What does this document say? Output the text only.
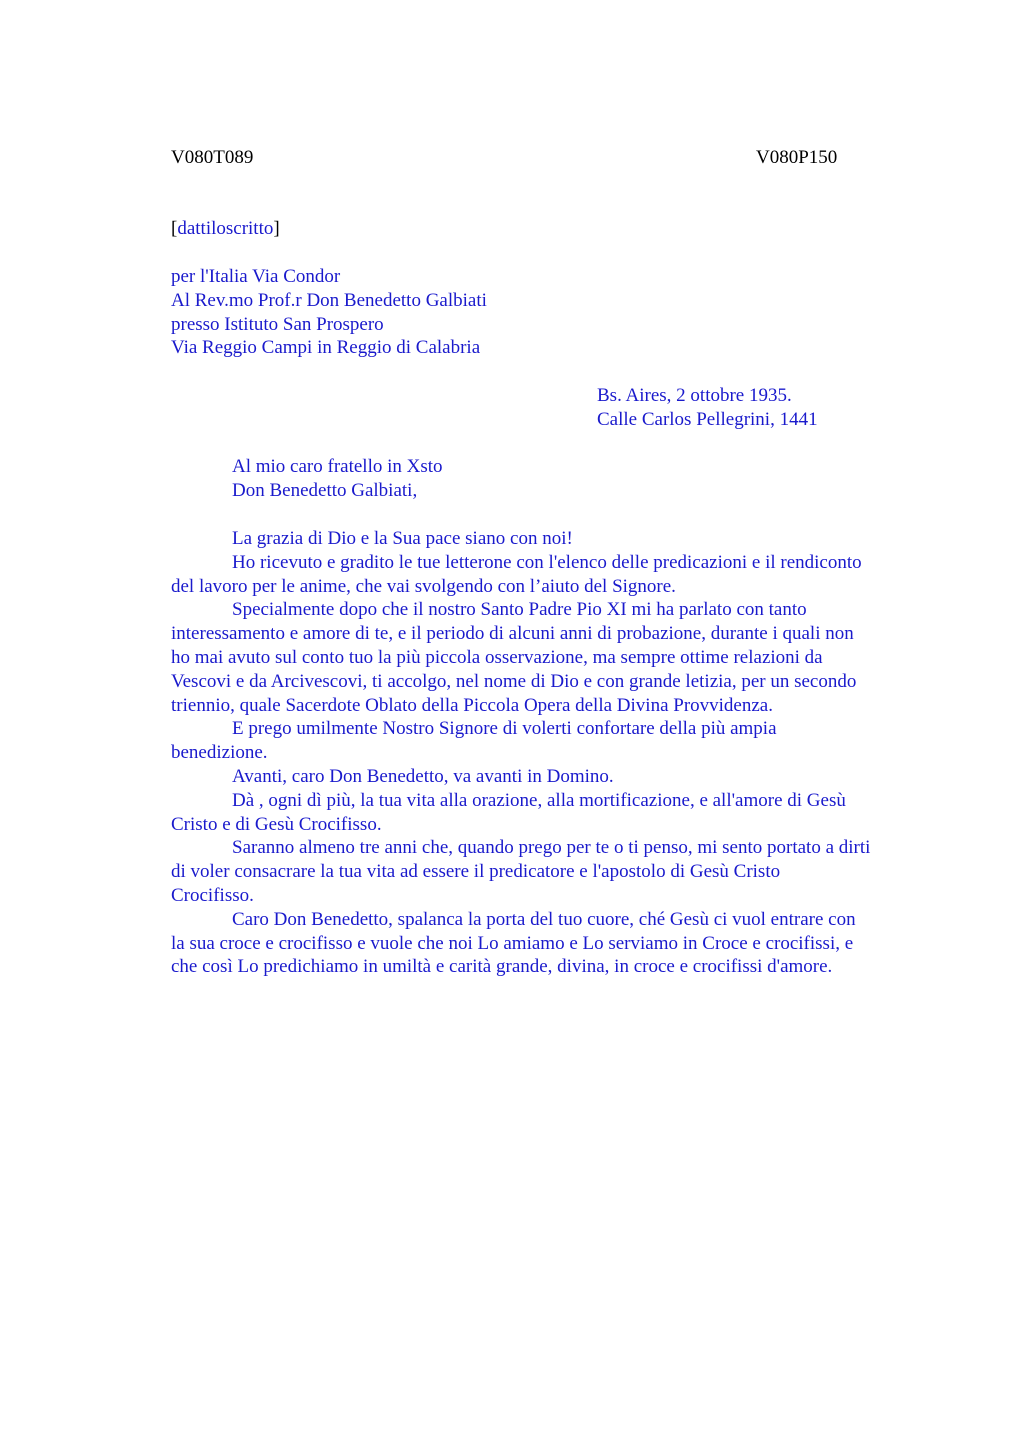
V080T089	V080P150
[dattiloscritto]
per l'Italia Via Condor
Al Rev.mo Prof.r Don Benedetto Galbiati
presso Istituto San Prospero
Via Reggio Campi in Reggio di Calabria
Bs. Aires, 2 ottobre 1935.
Calle Carlos Pellegrini, 1441
Al mio caro fratello in Xsto
Don Benedetto Galbiati,
La grazia di Dio e la Sua pace siano con noi!
Ho ricevuto e gradito le tue letterone con l'elenco delle predicazioni e il rendiconto
del lavoro per le anime, che vai svolgendo con l’aiuto del Signore.
Specialmente dopo che il nostro Santo Padre Pio XI mi ha parlato con tanto
interessamento e amore di te, e il periodo di alcuni anni di probazione, durante i quali non
ho mai avuto sul conto tuo la più piccola osservazione, ma sempre ottime relazioni da
Vescovi e da Arcivescovi, ti accolgo, nel nome di Dio e con grande letizia, per un secondo
triennio, quale Sacerdote Oblato della Piccola Opera della Divina Provvidenza.
E prego umilmente Nostro Signore di volerti confortare della più ampia
benedizione.
Avanti, caro Don Benedetto, va avanti in Domino.
Dà , ogni dì più, la tua vita alla orazione, alla mortificazione, e all'amore di Gesù
Cristo e di Gesù Crocifisso.
Saranno almeno tre anni che, quando prego per te o ti penso, mi sento portato a dirti
di voler consacrare la tua vita ad essere il predicatore e l'apostolo di Gesù Cristo
Crocifisso.
Caro Don Benedetto, spalanca la porta del tuo cuore, ché Gesù ci vuol entrare con
la sua croce e crocifisso e vuole che noi Lo amiamo e Lo serviamo in Croce e crocifissi, e
che così Lo predichiamo in umiltà e carità grande, divina, in croce e crocifissi d'amore.
